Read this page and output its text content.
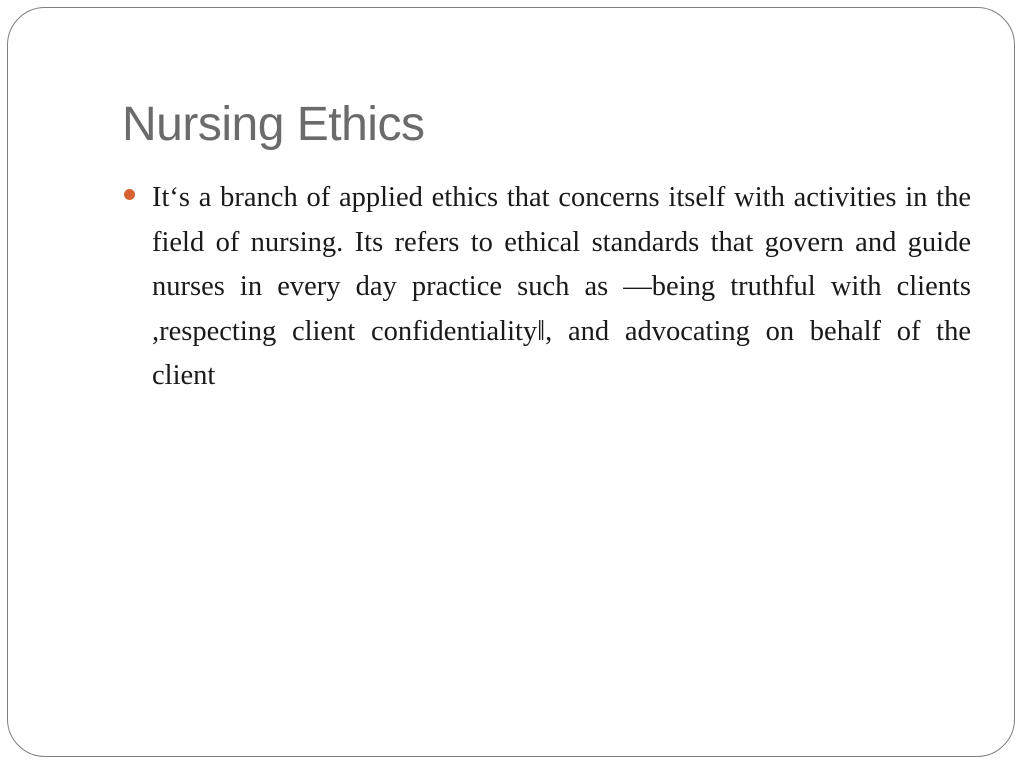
Nursing Ethics
It‘s a branch of applied ethics that concerns itself with activities in the field of nursing. Its refers to ethical standards that govern and guide nurses in every day practice such as ―being truthful with clients ,respecting client confidentiality‖, and advocating on behalf of the client
